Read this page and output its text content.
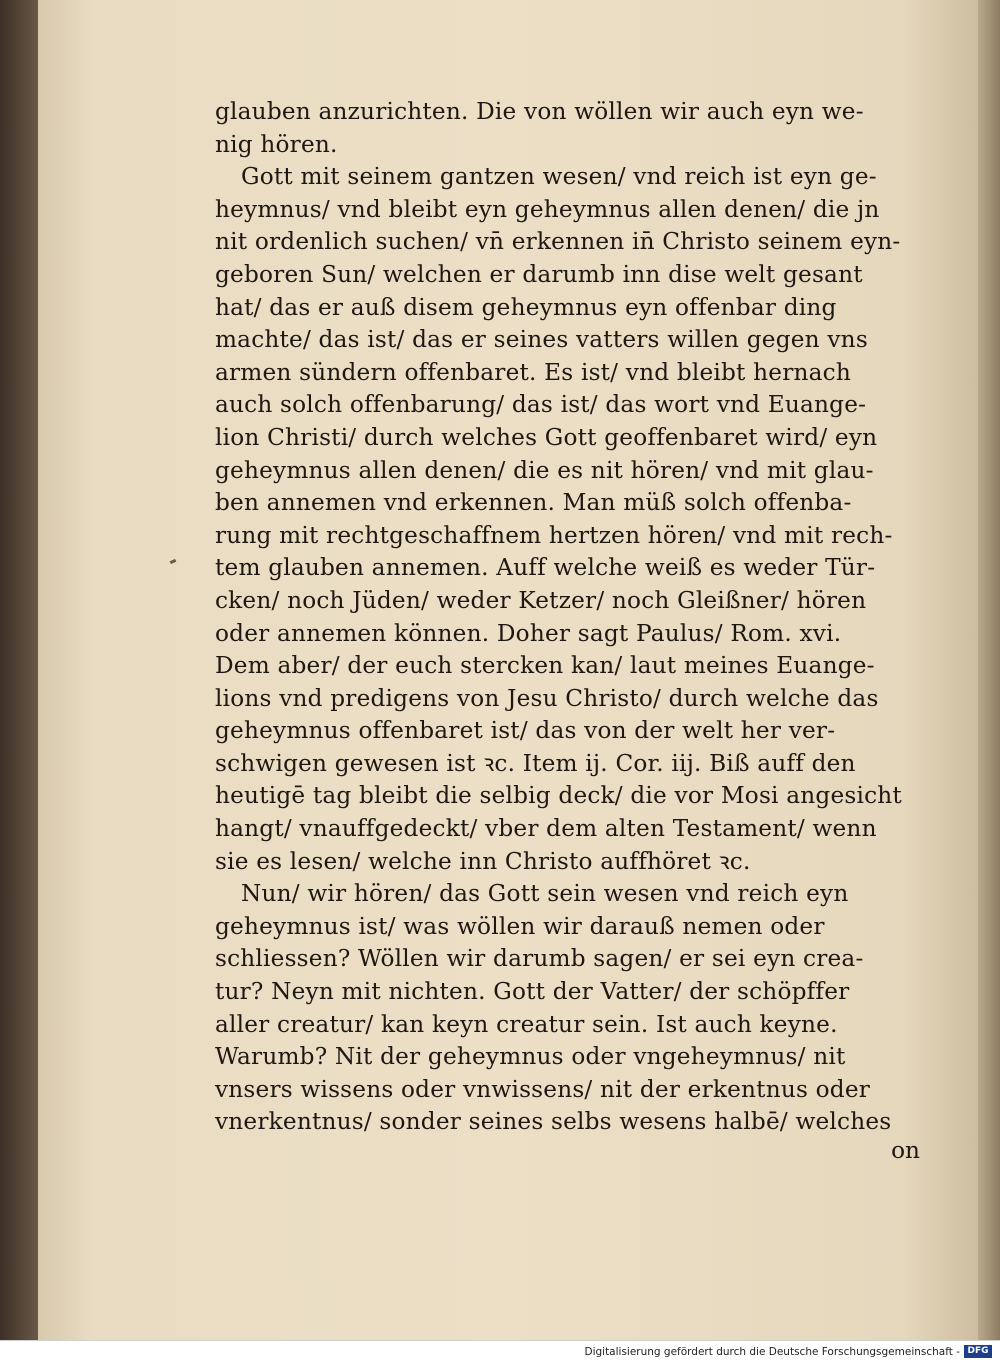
glauben anzurichten. Die von wöllen wir auch eyn we-
nig hören.
Gott mit seinem gantzen wesen/ vnd reich ist eyn ge-
heymnus/ vnd bleibt eyn geheymnus allen denen/ die jn
nit ordenlich suchen/ vn̄ erkennen in̄ Christo seinem eyn-
geboren Sun/ welchen er darumb inn dise welt gesant
hat/ das er auß disem geheymnus eyn offenbar ding
machte/ das ist/ das er seines vatters willen gegen vns
armen sündern offenbaret. Es ist/ vnd bleibt hernach
auch solch offenbarung/ das ist/ das wort vnd Euange-
lion Christi/ durch welches Gott geoffenbaret wird/ eyn
geheymnus allen denen/ die es nit hören/ vnd mit glau-
ben annemen vnd erkennen. Man müß solch offenba-
rung mit rechtgeschaffnem hertzen hören/ vnd mit rech-
tem glauben annemen. Auff welche weiß es weder Tür-
cken/ noch Jüden/ weder Ketzer/ noch Gleißner/ hören
oder annemen können. Doher sagt Paulus/ Rom. xvi.
Dem aber/ der euch stercken kan/ laut meines Euange-
lions vnd predigens von Jesu Christo/ durch welche das
geheymnus offenbaret ist/ das von der welt her ver-
schwigen gewesen ist ꝛc. Item ij. Cor. iij. Biß auff den
heutigē tag bleibt die selbig deck/ die vor Mosi angesicht
hangt/ vnauffgedeckt/ vber dem alten Testament/ wenn
sie es lesen/ welche inn Christo auffhöret ꝛc.
Nun/ wir hören/ das Gott sein wesen vnd reich eyn
geheymnus ist/ was wöllen wir darauß nemen oder
schliessen? Wöllen wir darumb sagen/ er sei eyn crea-
tur? Neyn mit nichten. Gott der Vatter/ der schöpffer
aller creatur/ kan keyn creatur sein. Ist auch keyne.
Warumb? Nit der geheymnus oder vngeheymnus/ nit
vnsers wissens oder vnwissens/ nit der erkentnus oder
vnerkentnus/ sonder seines selbs wesens halbē/ welches
on
Digitalisierung gefördert durch die Deutsche Forschungsgemeinschaft - DFG
